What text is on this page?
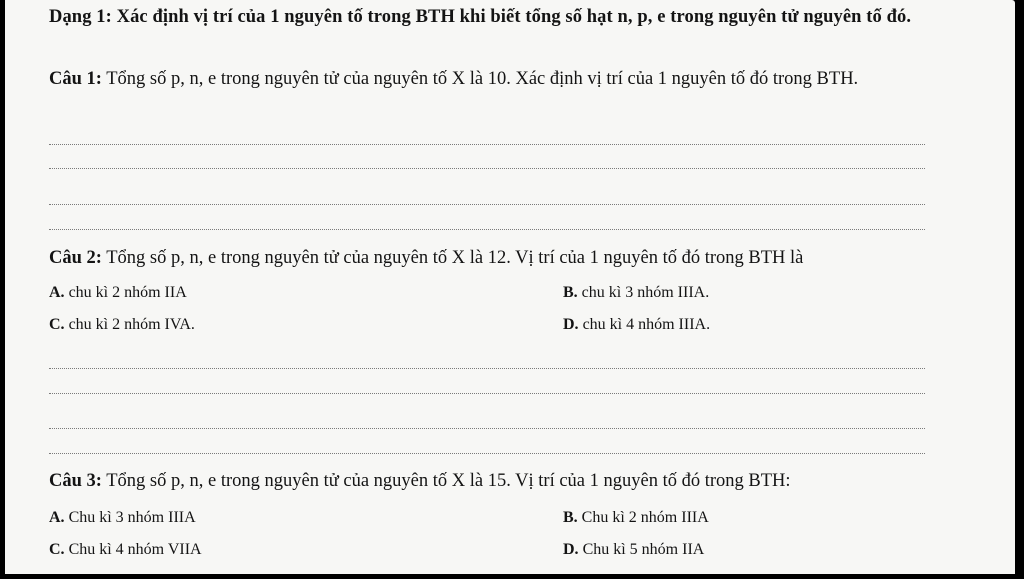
Dạng 1: Xác định vị trí của 1 nguyên tố trong BTH khi biết tổng số hạt n, p, e trong nguyên tử nguyên tố đó.

Câu 1: Tổng số p, n, e trong nguyên tử của nguyên tố X là 10. Xác định vị trí của 1 nguyên tố đó trong BTH.

Câu 2: Tổng số p, n, e trong nguyên tử của nguyên tố X là 12. Vị trí của 1 nguyên tố đó trong BTH là

A. chu kì 2 nhóm IIA	B. chu kì 3 nhóm IIIA.
C. chu kì 2 nhóm IVA.	D. chu kì 4 nhóm IIIA.

Câu 3: Tổng số p, n, e trong nguyên tử của nguyên tố X là 15. Vị trí của 1 nguyên tố đó trong BTH:

A. Chu kì 3 nhóm IIIA	B. Chu kì 2 nhóm IIIA
C. Chu kì 4 nhóm VIIA	D. Chu kì 5 nhóm IIA
